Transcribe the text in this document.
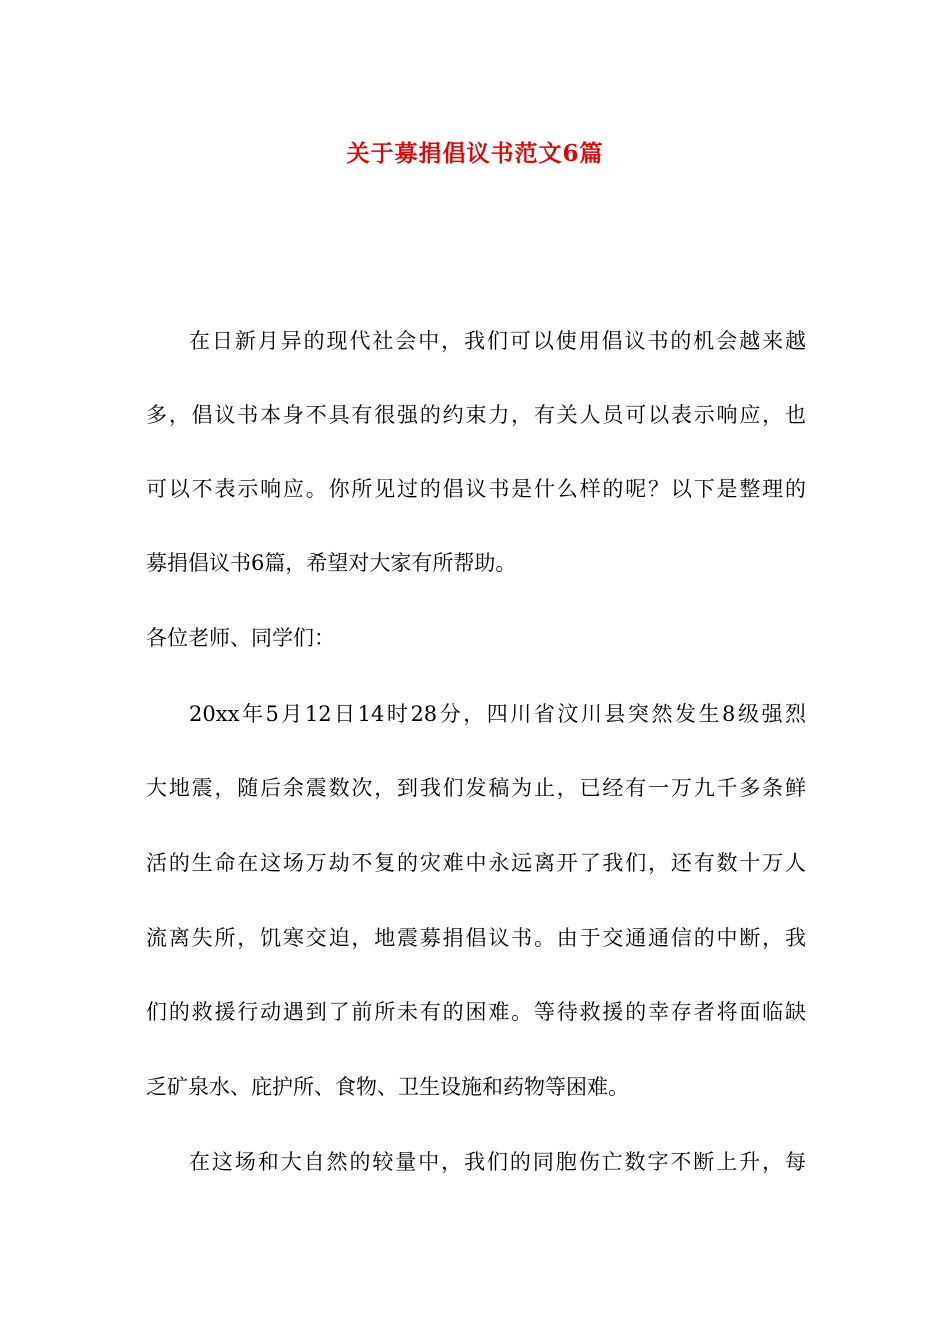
关于募捐倡议书范文6篇
在日新月异的现代社会中，我们可以使用倡议书的机会越来越
多，倡议书本身不具有很强的约束力，有关人员可以表示响应，也
可以不表示响应。你所见过的倡议书是什么样的呢？以下是整理的
募捐倡议书6篇，希望对大家有所帮助。
各位老师、同学们：
20xx年5月12日14时28分，四川省汶川县突然发生8级强烈
大地震，随后余震数次，到我们发稿为止，已经有一万九千多条鲜
活的生命在这场万劫不复的灾难中永远离开了我们，还有数十万人
流离失所，饥寒交迫，地震募捐倡议书。由于交通通信的中断，我
们的救援行动遇到了前所未有的困难。等待救援的幸存者将面临缺
乏矿泉水、庇护所、食物、卫生设施和药物等困难。
在这场和大自然的较量中，我们的同胞伤亡数字不断上升，每
